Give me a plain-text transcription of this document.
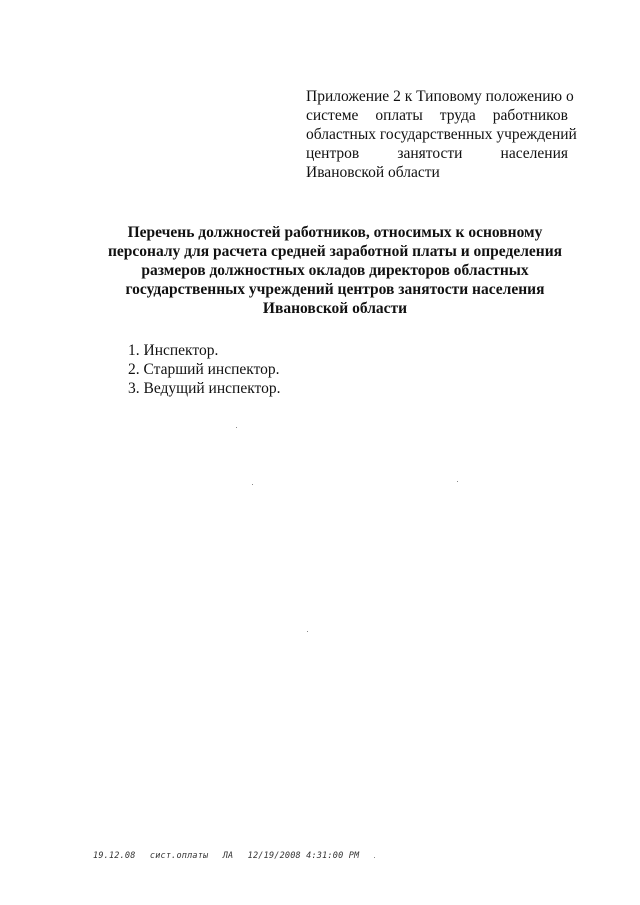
Приложение 2 к Типовому положению о
системе оплаты труда работников
областных государственных учреждений
центров занятости населения
Ивановской области
Перечень должностей работников, относимых к основному
персоналу для расчета средней заработной платы и определения
размеров должностных окладов директоров областных
государственных учреждений центров занятости населения
Ивановской области
1. Инспектор.
2. Старший инспектор.
3. Ведущий инспектор.
19.12.08 сист.оплаты ЛА 12/19/2008 4:31:00 PM
